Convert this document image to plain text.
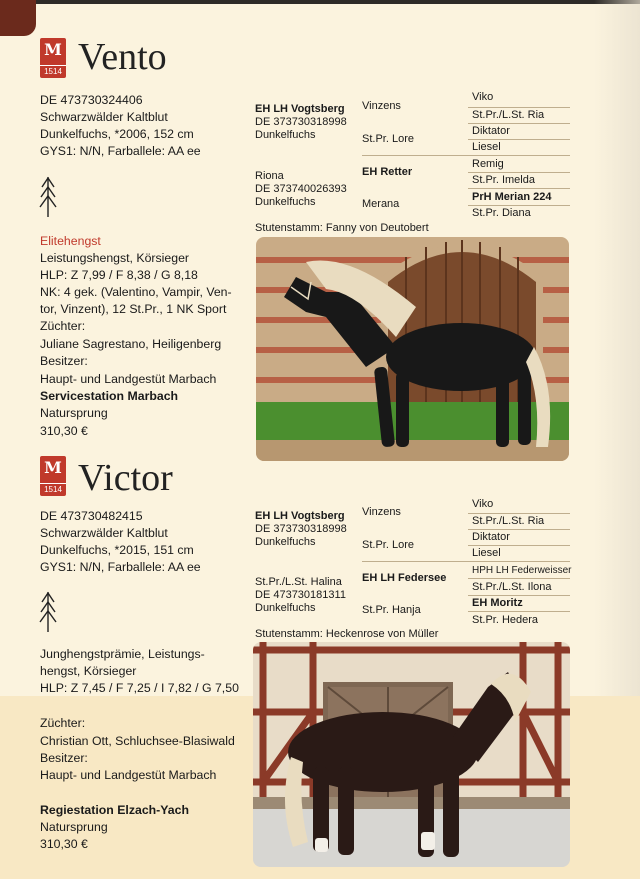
M
1514 Vento
DE 473730324406
Schwarzwälder Kaltblut
Dunkelfuchs, *2006, 152 cm
GYS1: N/N, Farballele: AA ee
Elitehengst
Leistungshengst, Körsieger
HLP: Z 7,99 / F 8,38 / G 8,18
NK: 4 gek. (Valentino, Vampir, Ven-
tor, Vinzent), 12 St.Pr., 1 NK Sport
Züchter:
Juliane Sagrestano, Heiligenberg
Besitzer:
Haupt- und Landgestüt Marbach
Servicestation Marbach
Natursprung
310,30 €
EH LH Vogtsberg
DE 373730318998
Dunkelfuchs
Vinzens
St.Pr. Lore
Viko
St.Pr./L.St. Ria
Diktator
Liesel
Riona
DE 373740026393
Dunkelfuchs
EH Retter
Merana
Remig
St.Pr. Imelda
PrH Merian 224
St.Pr. Diana
Stutenstamm: Fanny von Deutobert
M
1514 Victor
DE 473730482415
Schwarzwälder Kaltblut
Dunkelfuchs, *2015, 151 cm
GYS1: N/N, Farballele: AA ee
Junghengstprämie, Leistungs-
hengst, Körsieger
HLP: Z 7,45 / F 7,25 / I 7,82 / G 7,50
Züchter:
Christian Ott, Schluchsee-Blasiwald
Besitzer:
Haupt- und Landgestüt Marbach
Regiestation Elzach-Yach
Natursprung
310,30 €
EH LH Vogtsberg
DE 373730318998
Dunkelfuchs
Vinzens
St.Pr. Lore
Viko
St.Pr./L.St. Ria
Diktator
Liesel
St.Pr./L.St. Halina
DE 473730181311
Dunkelfuchs
EH LH Federsee
St.Pr. Hanja
HPH LH Federweisser
St.Pr./L.St. Ilona
EH Moritz
St.Pr. Hedera
Stutenstamm: Heckenrose von Müller
